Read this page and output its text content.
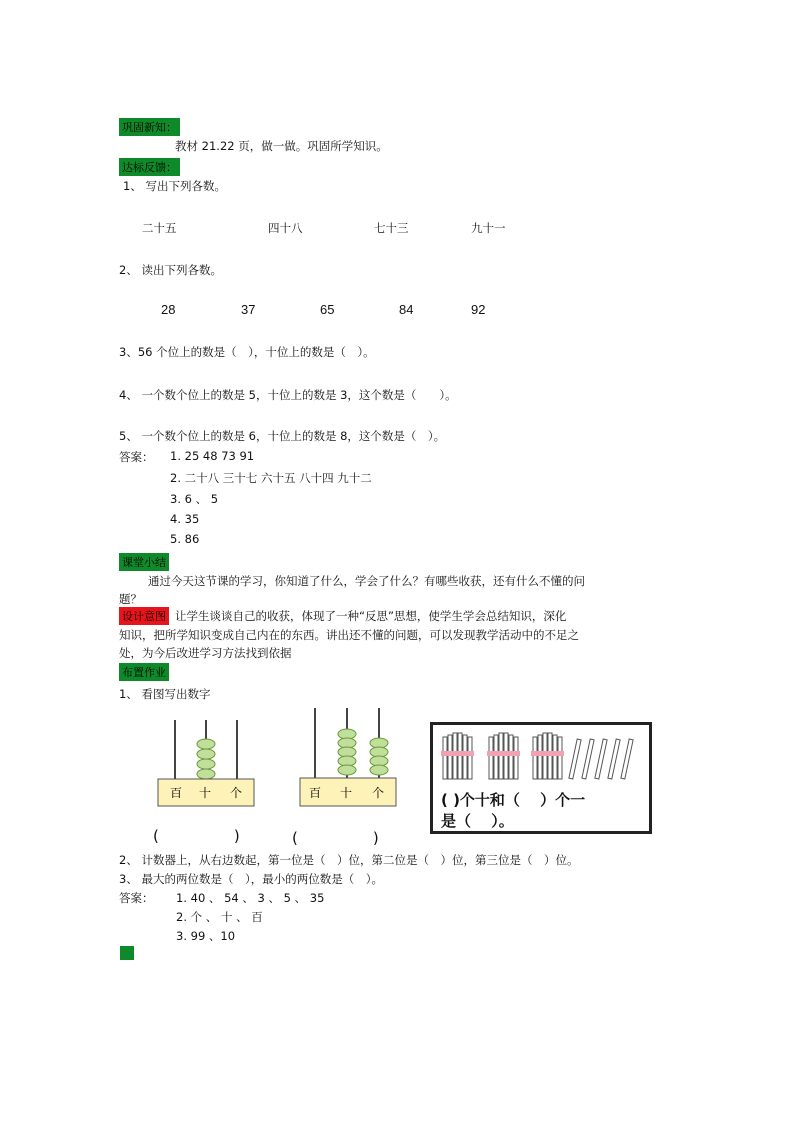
巩固新知：
教材 21.22 页，做一做。巩固所学知识。
达标反馈：
1、 写出下列各数。
二十五	四十八	七十三	九十一
2、 读出下列各数。
28	37	65	84	92
3、56 个位上的数是（　），十位上的数是（　）。
4、 一个数个位上的数是 5，十位上的数是 3，这个数是（　　）。
5、 一个数个位上的数是 6，十位上的数是 8，这个数是（　）。
答案： 1. 25 48 73 91
2. 二十八 三十七 六十五 八十四 九十二
3. 6 、 5
4. 35
5. 86
课堂小结
通过今天这节课的学习，你知道了什么，学会了什么？有哪些收获，还有什么不懂的问
题？
设计意图 让学生谈谈自己的收获，体现了一种“反思”思想，使学生学会总结知识，深化
知识，把所学知识变成自己内在的东西。讲出还不懂的问题，可以发现教学活动中的不足之
处，为今后改进学习方法找到依据
布置作业
1、 看图写出数字
百 十 个	百 十 个
(　　　　　)	(　　　　　)
( )个十和（　 ）个一
是（　 ）。
2、 计数器上，从右边数起，第一位是（　）位，第二位是（　）位，第三位是（　）位。
3、 最大的两位数是（　），最小的两位数是（　）。
答案： 1. 40 、 54 、 3 、 5 、 35
2. 个 、 十 、 百
3. 99 、10
